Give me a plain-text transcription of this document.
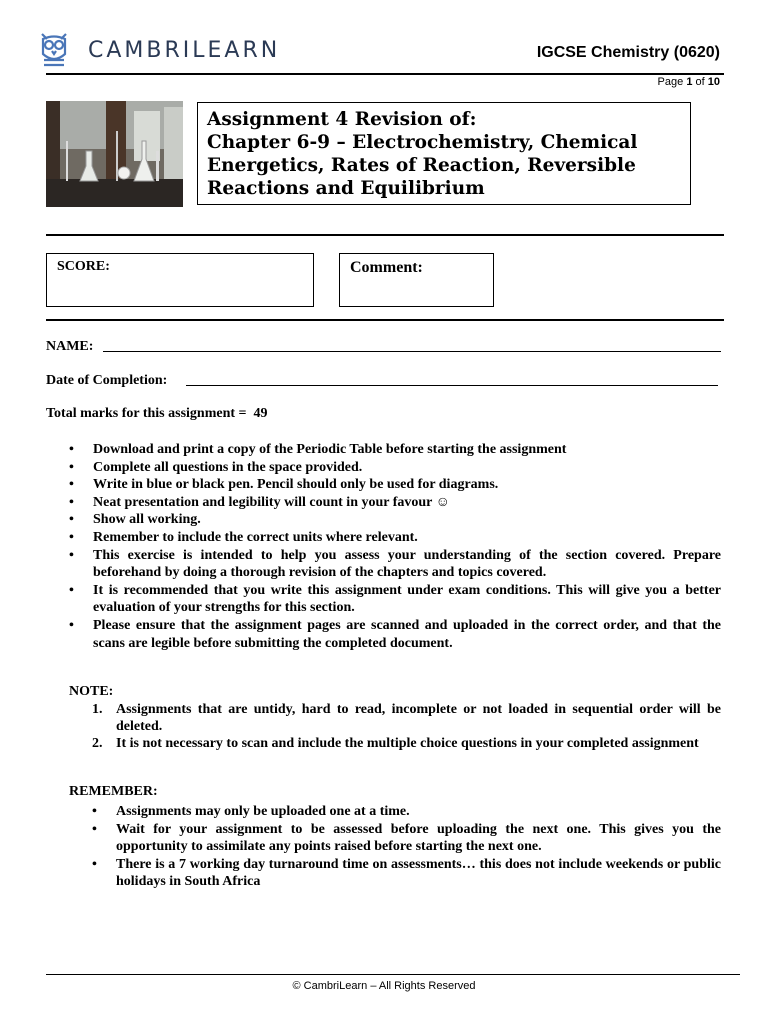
CAMBRILEARN	IGCSE Chemistry (0620)
Page 1 of 10
Assignment 4 Revision of:
Chapter 6-9 – Electrochemistry, Chemical
Energetics, Rates of Reaction, Reversible
Reactions and Equilibrium
SCORE:	Comment:
NAME:
Date of Completion:
Total marks for this assignment = 49
• Download and print a copy of the Periodic Table before starting the assignment
• Complete all questions in the space provided.
• Write in blue or black pen. Pencil should only be used for diagrams.
• Neat presentation and legibility will count in your favour ☺
• Show all working.
• Remember to include the correct units where relevant.
• This exercise is intended to help you assess your understanding of the section covered. Prepare beforehand by doing a thorough revision of the chapters and topics covered.
• It is recommended that you write this assignment under exam conditions. This will give you a better evaluation of your strengths for this section.
• Please ensure that the assignment pages are scanned and uploaded in the correct order, and that the scans are legible before submitting the completed document.
NOTE:
1. Assignments that are untidy, hard to read, incomplete or not loaded in sequential order will be deleted.
2. It is not necessary to scan and include the multiple choice questions in your completed assignment
REMEMBER:
• Assignments may only be uploaded one at a time.
• Wait for your assignment to be assessed before uploading the next one. This gives you the opportunity to assimilate any points raised before starting the next one.
• There is a 7 working day turnaround time on assessments… this does not include weekends or public holidays in South Africa
© CambriLearn – All Rights Reserved
